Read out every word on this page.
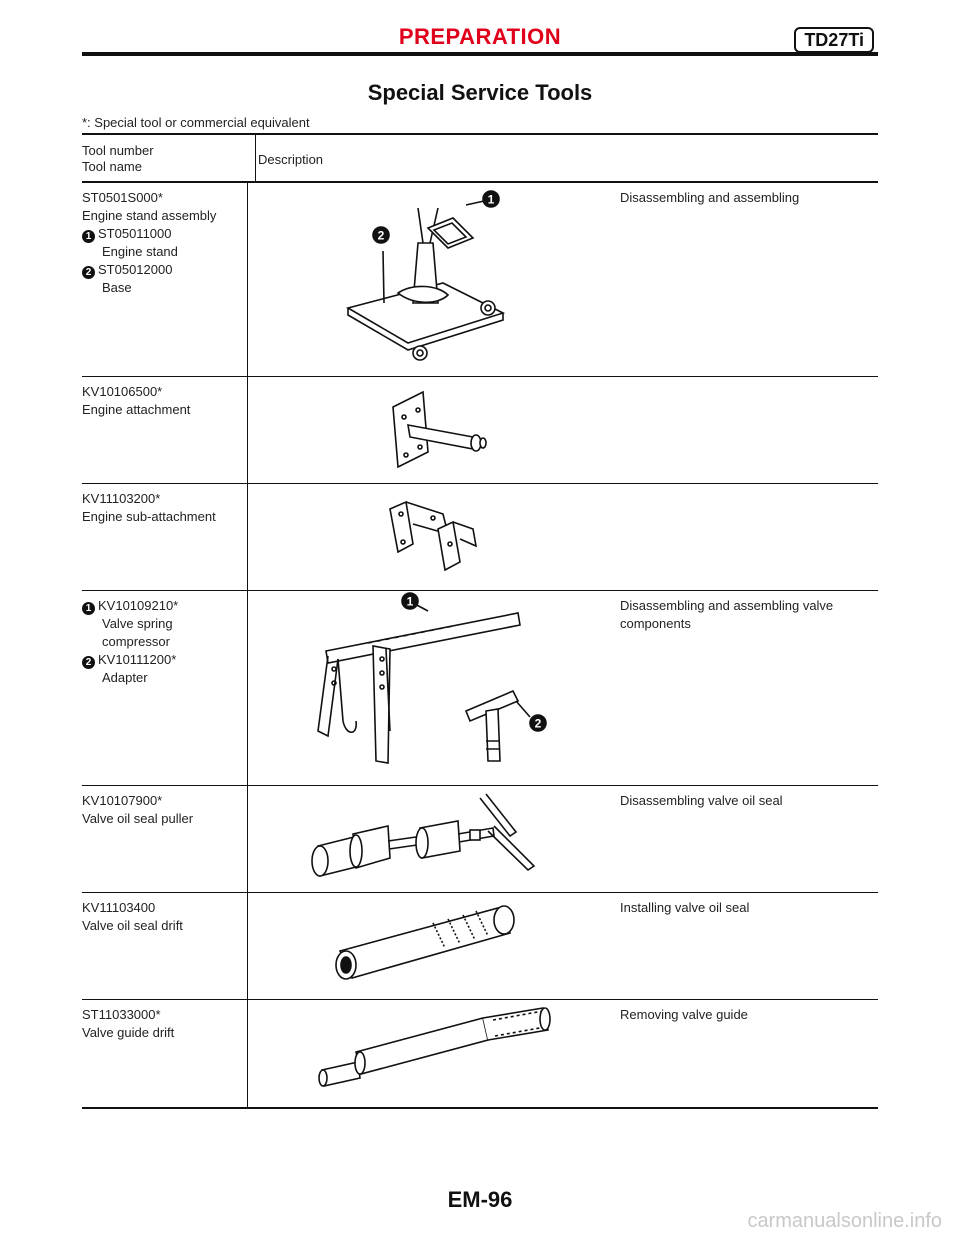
PREPARATION	TD27Ti
Special Service Tools
*: Special tool or commercial equivalent
Tool number
Tool name	Description
ST0501S000*
Engine stand assembly
1 ST05011000
Engine stand
2 ST05012000
Base
1
2
Disassembling and assembling
KV10106500*
Engine attachment
KV11103200*
Engine sub-attachment
1 KV10109210*
Valve spring
compressor
2 KV10111200*
Adapter
1
2
Disassembling and assembling valve components
KV10107900*
Valve oil seal puller
Disassembling valve oil seal
KV11103400
Valve oil seal drift
Installing valve oil seal
ST11033000*
Valve guide drift
Removing valve guide
EM-96
carmanualsonline.info
